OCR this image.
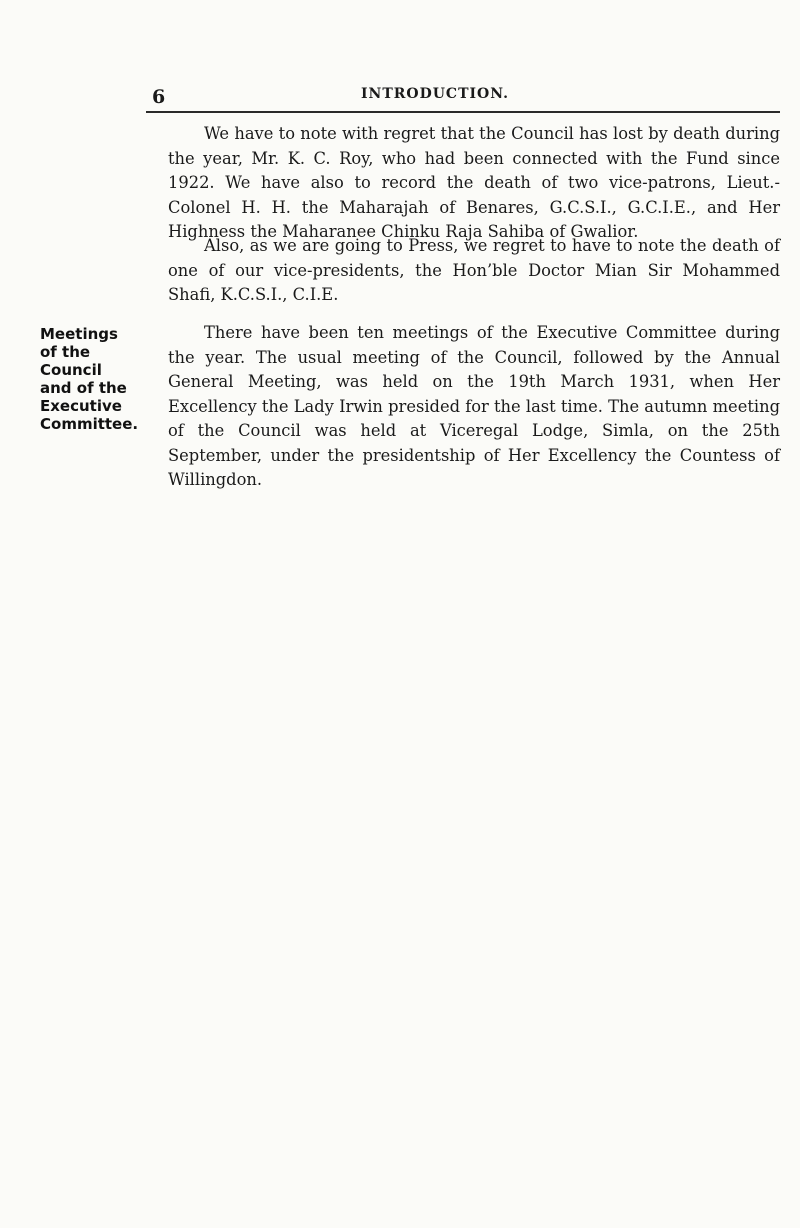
6	INTRODUCTION.

We have to note with regret that the Council has lost by death during the year, Mr. K. C. Roy, who had been connected with the Fund since 1922. We have also to record the death of two vice-patrons, Lieut.-Colonel H. H. the Maharajah of Benares, G.C.S.I., G.C.I.E., and Her Highness the Maharanee Chinku Raja Sahiba of Gwalior.

Also, as we are going to Press, we regret to have to note the death of one of our vice-presidents, the Hon’ble Doctor Mian Sir Mohammed Shafi, K.C.S.I., C.I.E.

There have been ten meetings of the Executive Committee during the year. The usual meeting of the Council, followed by the Annual General Meeting, was held on the 19th March 1931, when Her Excellency the Lady Irwin presided for the last time. The autumn meeting of the Council was held at Viceregal Lodge, Simla, on the 25th September, under the presidentship of Her Excellency the Countess of Willingdon.

Meetings
of the
Council
and of the
Executive
Committee.
